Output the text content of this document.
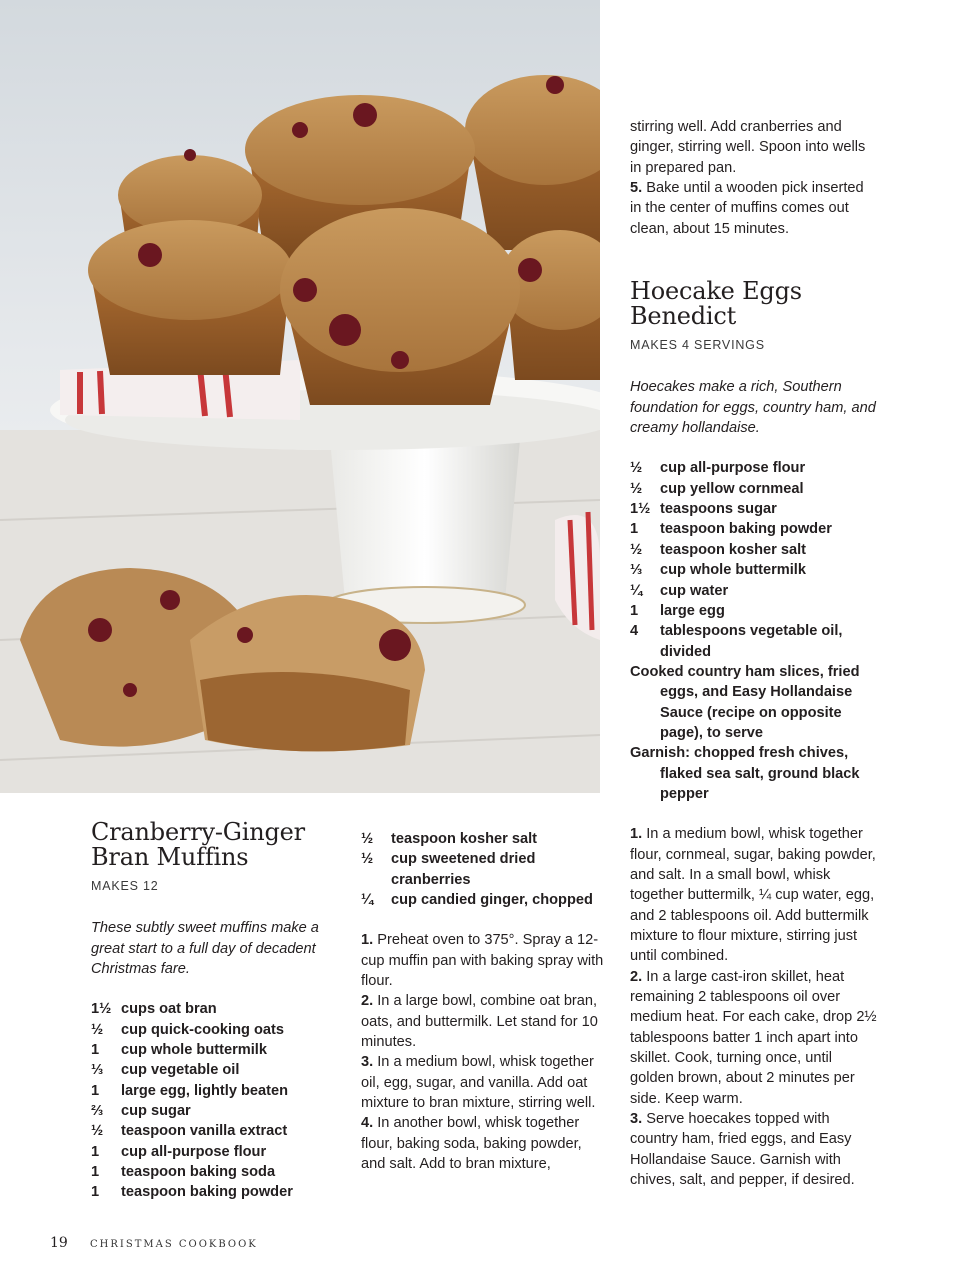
stirring well. Add cranberries and ginger, stirring well. Spoon into wells in prepared pan.
5. Bake until a wooden pick inserted in the center of muffins comes out clean, about 15 minutes.
Hoecake Eggs
Benedict
MAKES 4 SERVINGS
Hoecakes make a rich, Southern foundation for eggs, country ham, and creamy hollandaise.
½	cup all-purpose flour
½	cup yellow cornmeal
1½ teaspoons sugar
1	teaspoon baking powder
½	teaspoon kosher salt
⅓	cup whole buttermilk
¼	cup water
1	large egg
4	tablespoons vegetable oil, divided
Cooked country ham slices, fried eggs, and Easy Hollandaise Sauce (recipe on opposite page), to serve
Garnish: chopped fresh chives, flaked sea salt, ground black pepper
1. In a medium bowl, whisk together flour, cornmeal, sugar, baking powder, and salt. In a small bowl, whisk together buttermilk, ¼ cup water, egg, and 2 tablespoons oil. Add buttermilk mixture to flour mixture, stirring just until combined.
2. In a large cast-iron skillet, heat remaining 2 tablespoons oil over medium heat. For each cake, drop 2½ tablespoons batter 1 inch apart into skillet. Cook, turning once, until golden brown, about 2 minutes per side. Keep warm.
3. Serve hoecakes topped with country ham, fried eggs, and Easy Hollandaise Sauce. Garnish with chives, salt, and pepper, if desired.
Cranberry-Ginger
Bran Muffins
MAKES 12
These subtly sweet muffins make a great start to a full day of decadent Christmas fare.
1½ cups oat bran
½	cup quick-cooking oats
1	cup whole buttermilk
⅓	cup vegetable oil
1	large egg, lightly beaten
⅔	cup sugar
½	teaspoon vanilla extract
1	cup all-purpose flour
1	teaspoon baking soda
1	teaspoon baking powder
½	teaspoon kosher salt
½	cup sweetened dried cranberries
¼	cup candied ginger, chopped
1. Preheat oven to 375°. Spray a 12-cup muffin pan with baking spray with flour.
2. In a large bowl, combine oat bran, oats, and buttermilk. Let stand for 10 minutes.
3. In a medium bowl, whisk together oil, egg, sugar, and vanilla. Add oat mixture to bran mixture, stirring well.
4. In another bowl, whisk together flour, baking soda, baking powder, and salt. Add to bran mixture,
19 CHRISTMAS COOKBOOK
